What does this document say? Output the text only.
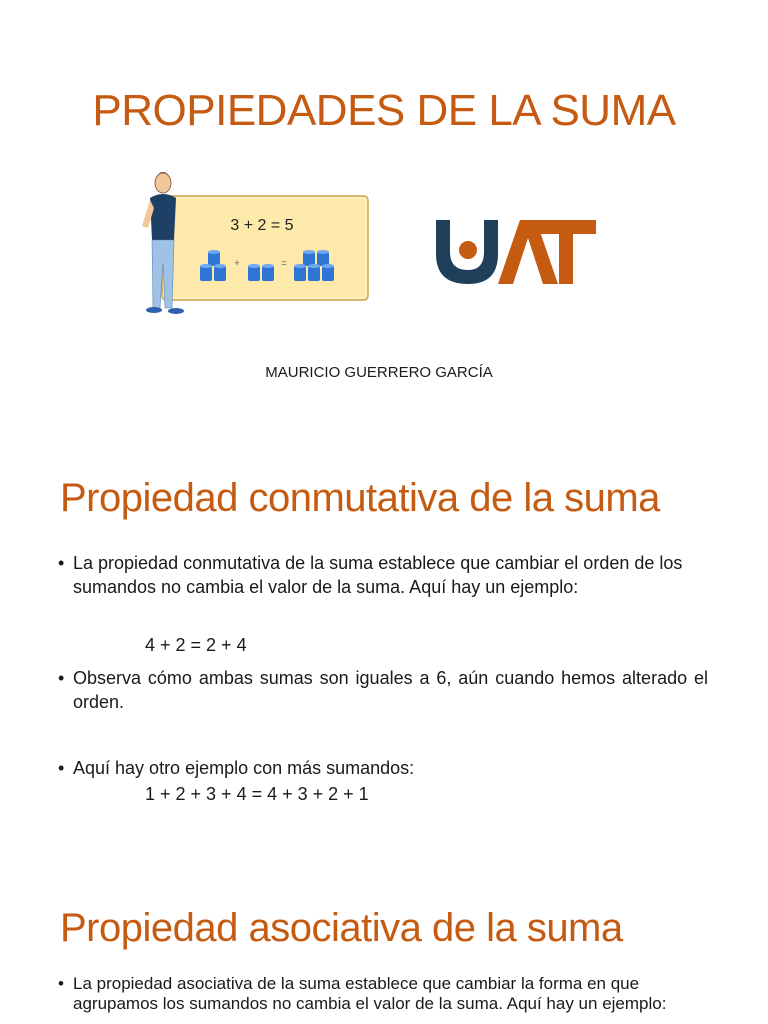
PROPIEDADES DE LA SUMA
3 + 2 = 5
+	=
MAURICIO GUERRERO GARCÍA
Propiedad conmutativa de la suma
• La propiedad conmutativa de la suma establece que cambiar el orden de los sumandos no cambia el valor de la suma. Aquí hay un ejemplo:
4 + 2 = 2 + 4
• Observa cómo ambas sumas son iguales a 6, aún cuando hemos alterado el orden.
• Aquí hay otro ejemplo con más sumandos:
1 + 2 + 3 + 4 = 4 + 3 + 2 + 1
Propiedad asociativa de la suma
• La propiedad asociativa de la suma establece que cambiar la forma en que agrupamos los sumandos no cambia el valor de la suma. Aquí hay un ejemplo:
